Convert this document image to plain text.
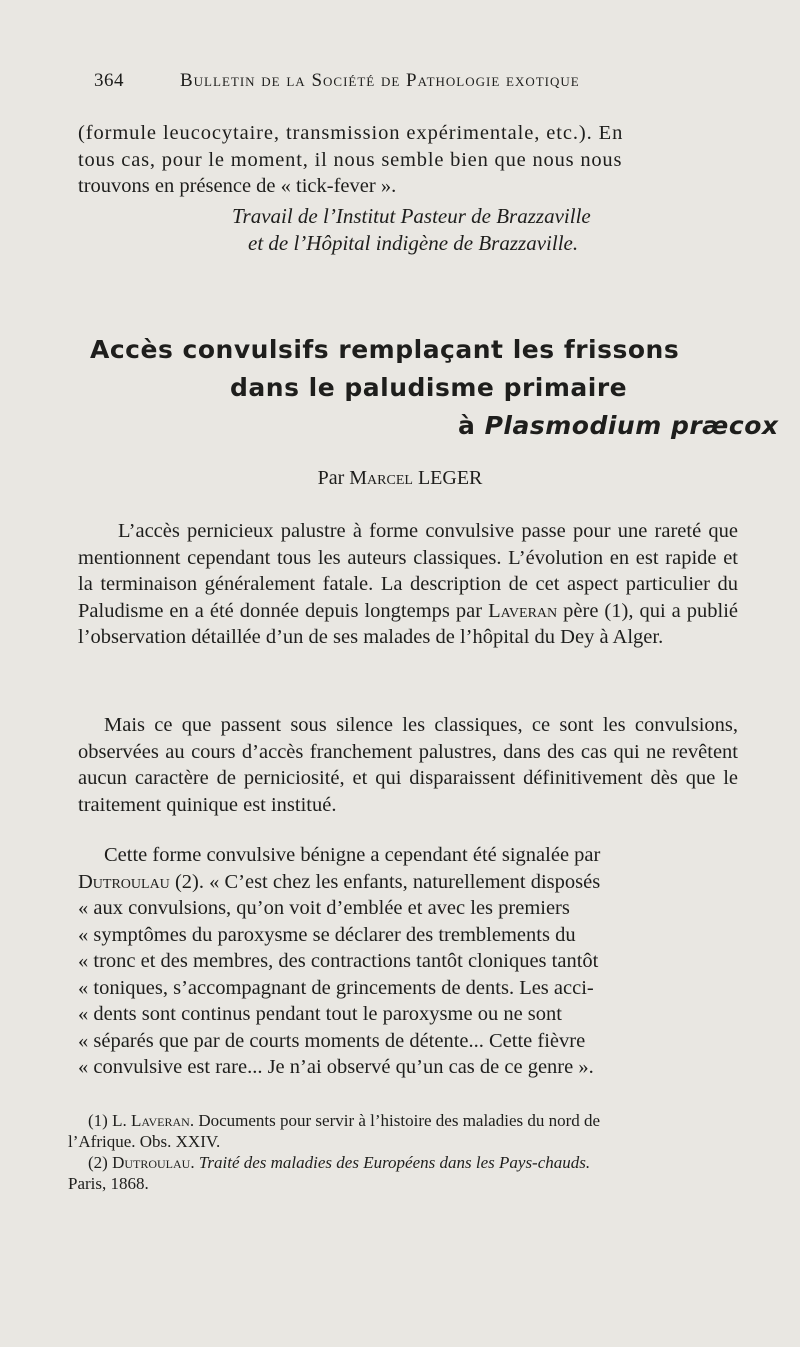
364	Bulletin de la Société de Pathologie exotique
(formule leucocytaire, transmission expérimentale, etc.). En
tous cas, pour le moment, il nous semble bien que nous nous
trouvons en présence de « tick-fever ».
Travail de l’Institut Pasteur de Brazzaville
et de l’Hôpital indigène de Brazzaville.
Accès convulsifs remplaçant les frissons
dans le paludisme primaire
à Plasmodium præcox
Par Marcel LEGER
L’accès pernicieux palustre à forme convulsive passe pour une rareté que mentionnent cependant tous les auteurs classiques. L’évolution en est rapide et la terminaison généralement fatale. La description de cet aspect particulier du Paludisme en a été donnée depuis longtemps par Laveran père (1), qui a publié l’observation détaillée d’un de ses malades de l’hôpital du Dey à Alger.
Mais ce que passent sous silence les classiques, ce sont les convulsions, observées au cours d’accès franchement palustres, dans des cas qui ne revêtent aucun caractère de perniciosité, et qui disparaissent définitivement dès que le traitement quinique est institué.
Cette forme convulsive bénigne a cependant été signalée par
Dutroulau (2). « C’est chez les enfants, naturellement disposés
« aux convulsions, qu’on voit d’emblée et avec les premiers
« symptômes du paroxysme se déclarer des tremblements du
« tronc et des membres, des contractions tantôt cloniques tantôt
« toniques, s’accompagnant de grincements de dents. Les acci-
« dents sont continus pendant tout le paroxysme ou ne sont
« séparés que par de courts moments de détente... Cette fièvre
« convulsive est rare... Je n’ai observé qu’un cas de ce genre ».
(1) L. Laveran. Documents pour servir à l’histoire des maladies du nord de
l’Afrique. Obs. XXIV.
(2) Dutroulau. Traité des maladies des Européens dans les Pays-chauds.
Paris, 1868.
